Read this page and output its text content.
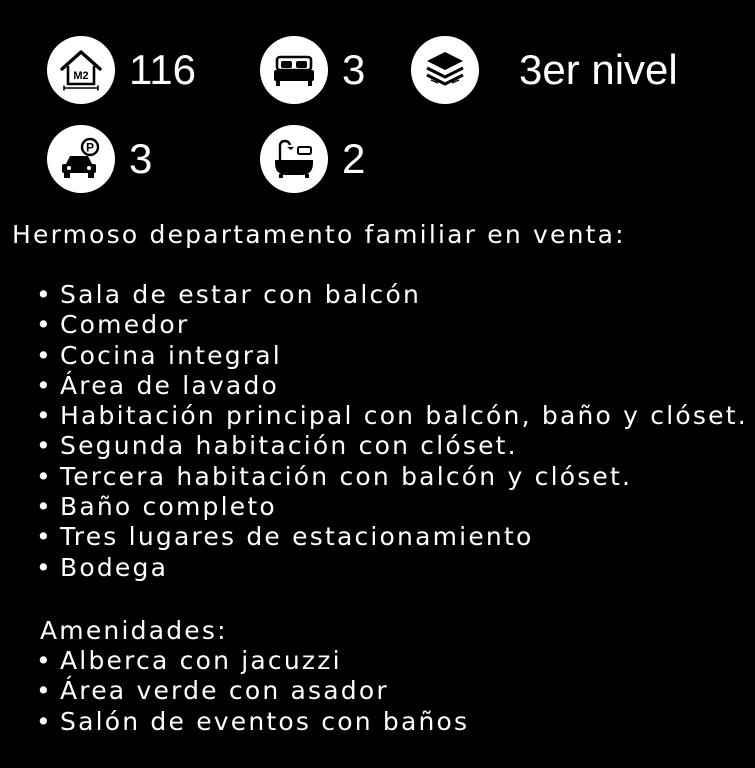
M2 116	3	3er nivel
P 3	2
Hermoso departamento familiar en venta:
• Sala de estar con balcón
• Comedor
• Cocina integral
• Área de lavado
• Habitación principal con balcón, baño y clóset.
• Segunda habitación con clóset.
• Tercera habitación con balcón y clóset.
• Baño completo
• Tres lugares de estacionamiento
• Bodega
Amenidades:
• Alberca con jacuzzi
• Área verde con asador
• Salón de eventos con baños
